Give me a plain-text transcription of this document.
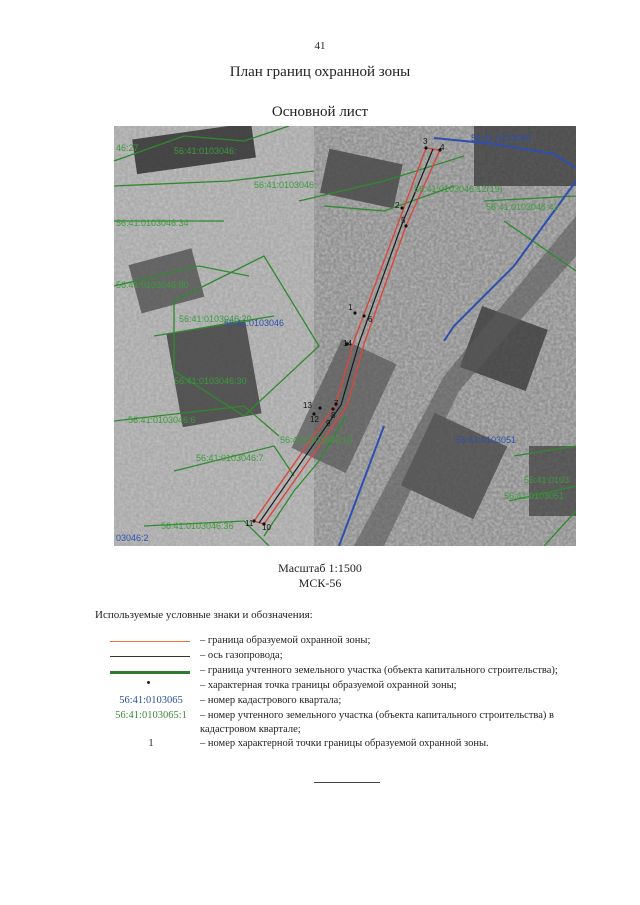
41
План границ охранной зоны
Основной лист
56:41:0103006
56:41:0103046
56:41:0103051
03046:2
46:27	56:41:0103046:
56:41:0103046:	56:41:0103046:12(19)
56:41:0103046:42
56:41:0103046:34
56:41:0103046:80
56:41:0103046:20
56:41:0103046:30
56:41:0103046:6
56:41:0103046:7
56:41:0103046:16
56:41:0103046:36
56:41:0103
56:41:0103051
1
2
3
4
5
6
7
8
9
10
11
12
13
14
Масштаб 1:1500
МСК-56
Используемые условные знаки и обозначения:
– граница образуемой охранной зоны;
– ось газопровода;
– граница учтенного земельного участка (объекта капитального строительства);
– характерная точка границы образуемой охранной зоны;
56:41:0103065	– номер кадастрового квартала;
56:41:0103065:1	– номер учтенного земельного участка (объекта капитального строительства) в кадастровом квартале;
1	– номер характерной точки границы образуемой охранной зоны.
